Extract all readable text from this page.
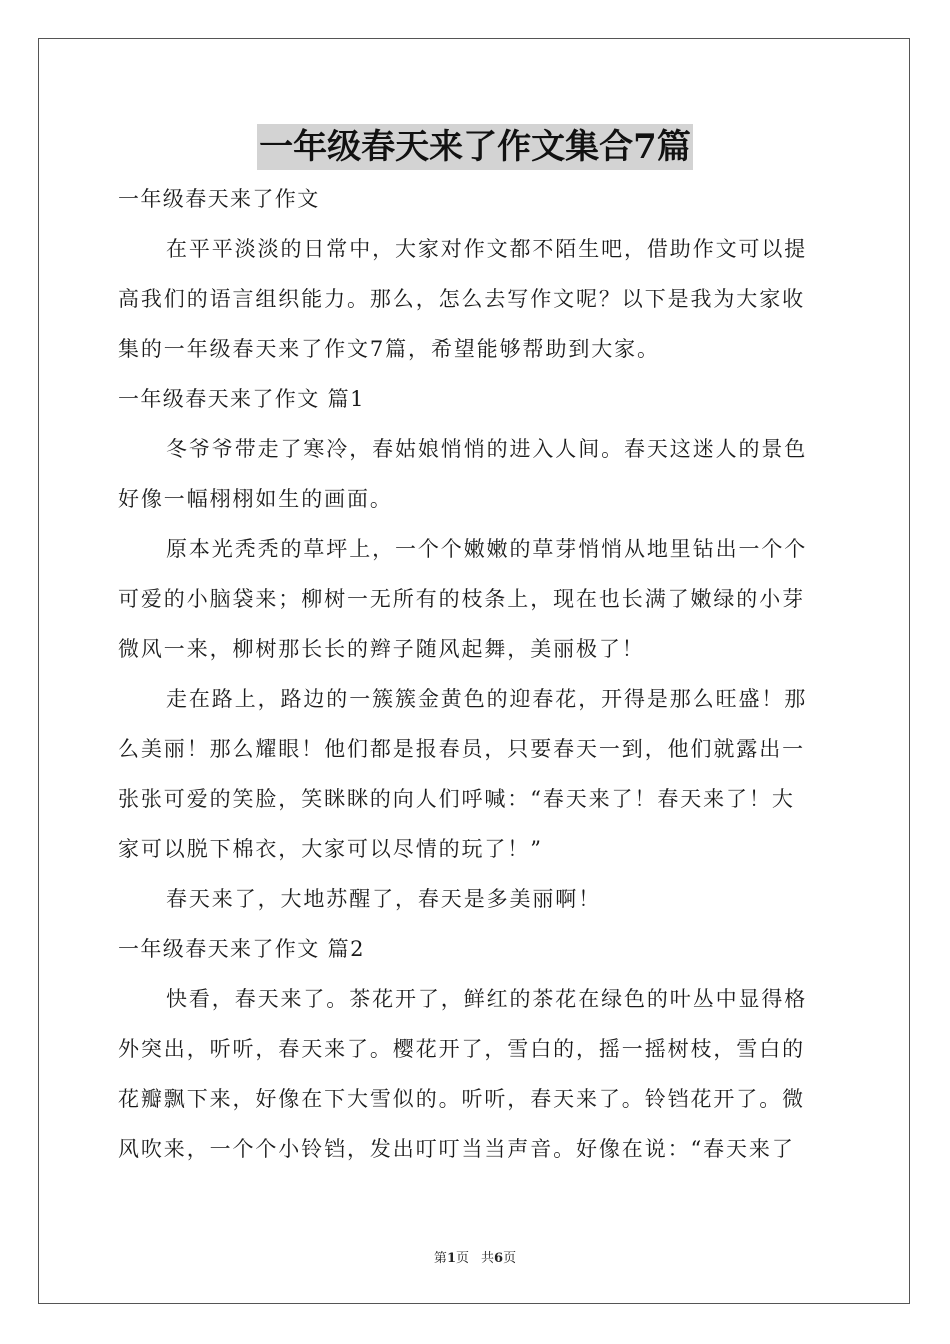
一年级春天来了作文集合7篇
一年级春天来了作文
在平平淡淡的日常中，大家对作文都不陌生吧，借助作文可以提
高我们的语言组织能力。那么，怎么去写作文呢？以下是我为大家收
集的一年级春天来了作文7篇，希望能够帮助到大家。
一年级春天来了作文 篇1
冬爷爷带走了寒冷，春姑娘悄悄的进入人间。春天这迷人的景色
好像一幅栩栩如生的画面。
原本光秃秃的草坪上，一个个嫩嫩的草芽悄悄从地里钻出一个个
可爱的小脑袋来；柳树一无所有的枝条上，现在也长满了嫩绿的小芽
微风一来，柳树那长长的辫子随风起舞，美丽极了！
走在路上，路边的一簇簇金黄色的迎春花，开得是那么旺盛！那
么美丽！那么耀眼！他们都是报春员，只要春天一到，他们就露出一
张张可爱的笑脸，笑眯眯的向人们呼喊：“春天来了！春天来了！大
家可以脱下棉衣，大家可以尽情的玩了！”
春天来了，大地苏醒了，春天是多美丽啊！
一年级春天来了作文 篇2
快看，春天来了。茶花开了，鲜红的茶花在绿色的叶丛中显得格
外突出，听听，春天来了。樱花开了，雪白的，摇一摇树枝，雪白的
花瓣飘下来，好像在下大雪似的。听听，春天来了。铃铛花开了。微
风吹来，一个个小铃铛，发出叮叮当当声音。好像在说：“春天来了
第1页 共6页
